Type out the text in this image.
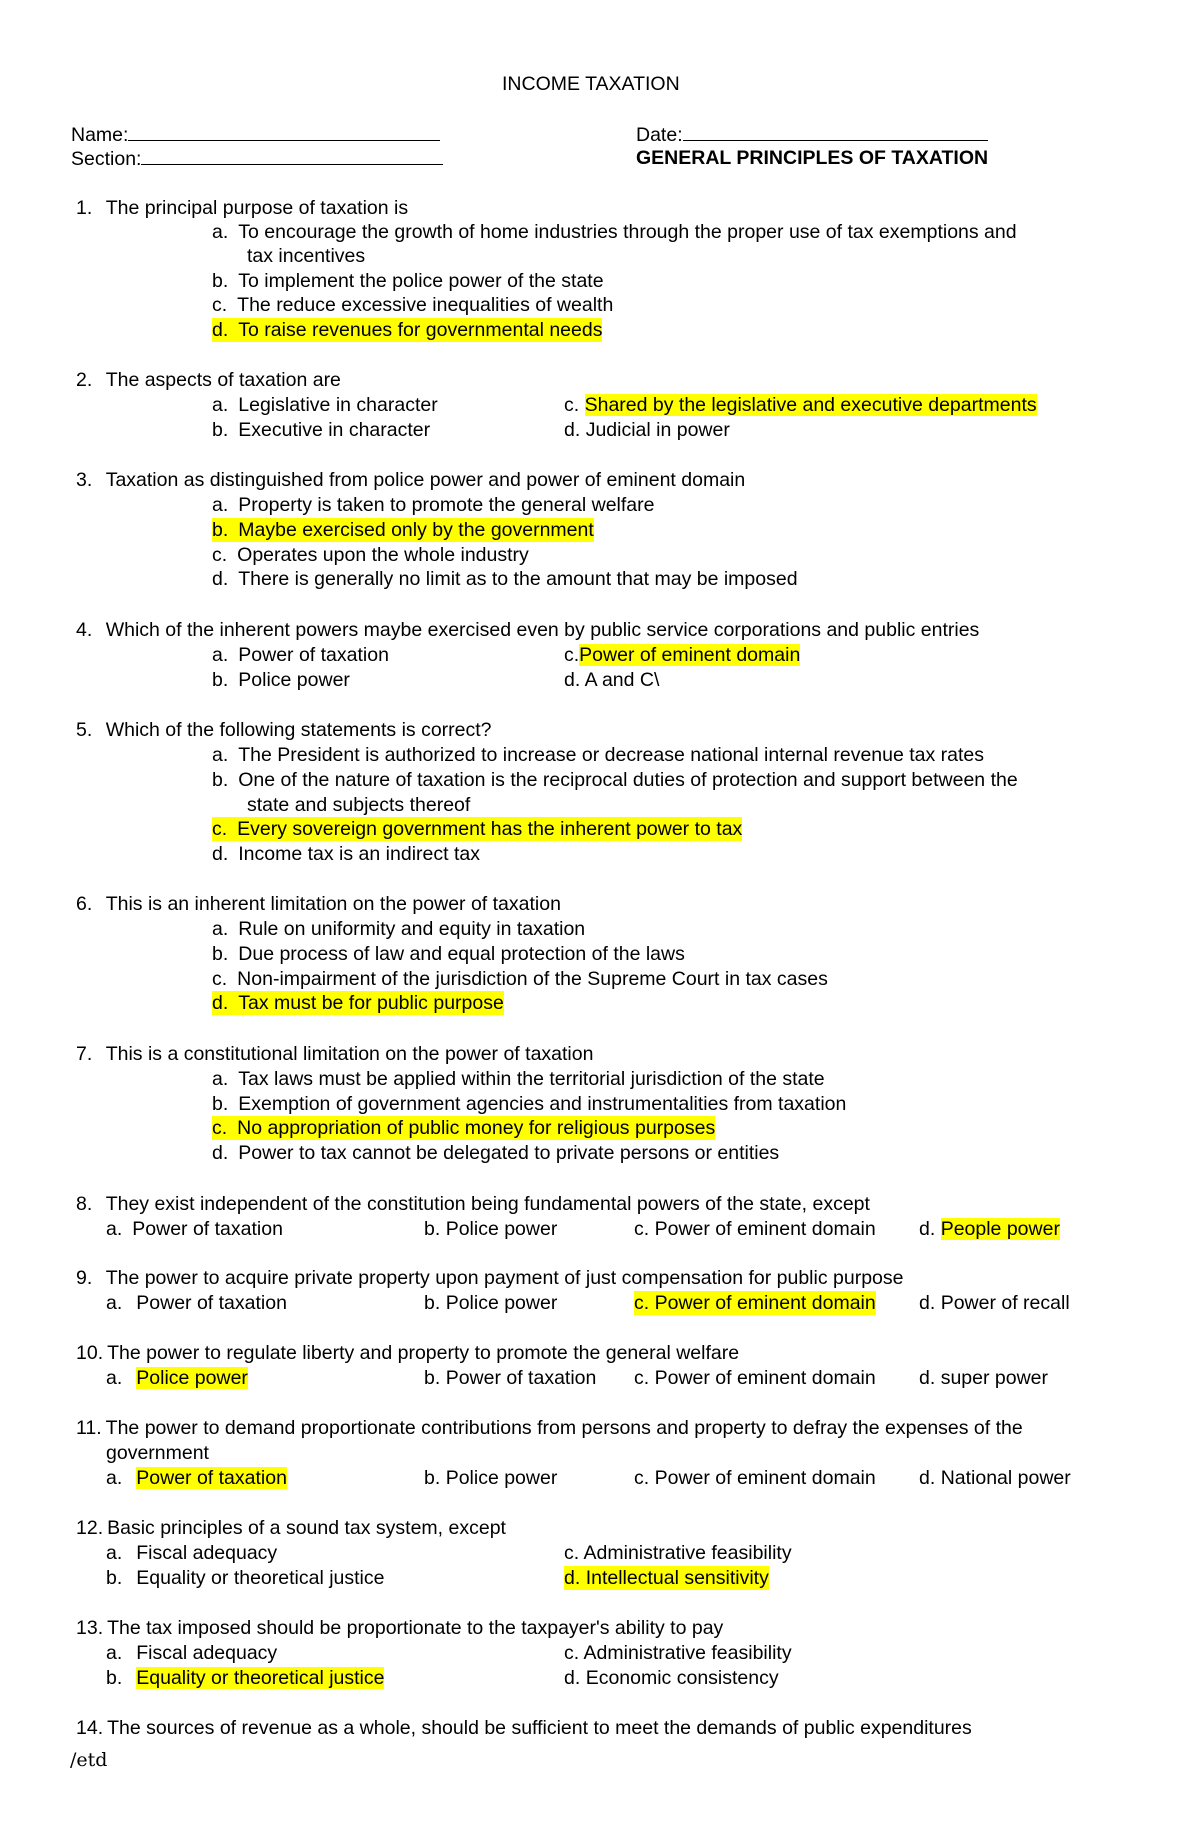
INCOME TAXATION
Name:	Date:
Section:	GENERAL PRINCIPLES OF TAXATION
1. The principal purpose of taxation is
a. To encourage the growth of home industries through the proper use of tax exemptions and
tax incentives
b. To implement the police power of the state
c. The reduce excessive inequalities of wealth
d. To raise revenues for governmental needs
2. The aspects of taxation are
a. Legislative in character	c. Shared by the legislative and executive departments
b. Executive in character	d. Judicial in power
3. Taxation as distinguished from police power and power of eminent domain
a. Property is taken to promote the general welfare
b. Maybe exercised only by the government
c. Operates upon the whole industry
d. There is generally no limit as to the amount that may be imposed
4. Which of the inherent powers maybe exercised even by public service corporations and public entries
a. Power of taxation	c.Power of eminent domain
b. Police power	d. A and C\
5. Which of the following statements is correct?
a. The President is authorized to increase or decrease national internal revenue tax rates
b. One of the nature of taxation is the reciprocal duties of protection and support between the
state and subjects thereof
c. Every sovereign government has the inherent power to tax
d. Income tax is an indirect tax
6. This is an inherent limitation on the power of taxation
a. Rule on uniformity and equity in taxation
b. Due process of law and equal protection of the laws
c. Non-impairment of the jurisdiction of the Supreme Court in tax cases
d. Tax must be for public purpose
7. This is a constitutional limitation on the power of taxation
a. Tax laws must be applied within the territorial jurisdiction of the state
b. Exemption of government agencies and instrumentalities from taxation
c. No appropriation of public money for religious purposes
d. Power to tax cannot be delegated to private persons or entities
8. They exist independent of the constitution being fundamental powers of the state, except
a. Power of taxation	b. Police power	c. Power of eminent domain d. People power
9. The power to acquire private property upon payment of just compensation for public purpose
a. Power of taxation	b. Police power	c. Power of eminent domain d. Power of recall
10. The power to regulate liberty and property to promote the general welfare
a. Police power	b. Power of taxation c. Power of eminent domain d. super power
11. The power to demand proportionate contributions from persons and property to defray the expenses of the
government
a. Power of taxation	b. Police power	c. Power of eminent domain d. National power
12. Basic principles of a sound tax system, except
a. Fiscal adequacy	c. Administrative feasibility
b. Equality or theoretical justice	d. Intellectual sensitivity
13. The tax imposed should be proportionate to the taxpayer's ability to pay
a. Fiscal adequacy	c. Administrative feasibility
b. Equality or theoretical justice	d. Economic consistency
14. The sources of revenue as a whole, should be sufficient to meet the demands of public expenditures
/etd
